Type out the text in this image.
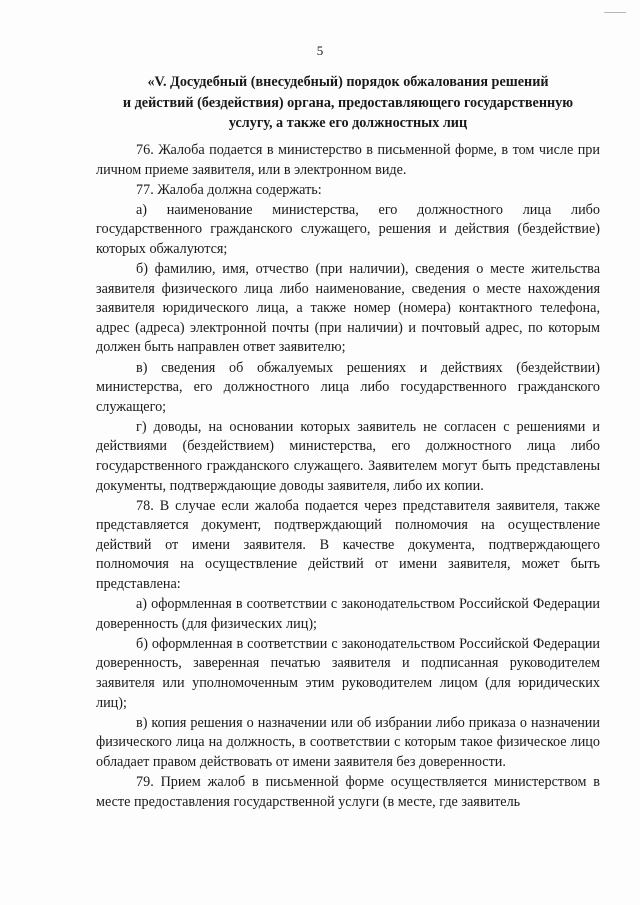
5
«V. Досудебный (внесудебный) порядок обжалования решений
и действий (бездействия) органа, предоставляющего государственную
услугу, а также его должностных лиц

76. Жалоба подается в министерство в письменной форме, в том числе при личном приеме заявителя, или в электронном виде.

77. Жалоба должна содержать:

а) наименование министерства, его должностного лица либо государственного гражданского служащего, решения и действия (бездействие) которых обжалуются;

б) фамилию, имя, отчество (при наличии), сведения о месте жительства заявителя физического лица либо наименование, сведения о месте нахождения заявителя юридического лица, а также номер (номера) контактного телефона, адрес (адреса) электронной почты (при наличии) и почтовый адрес, по которым должен быть направлен ответ заявителю;

в) сведения об обжалуемых решениях и действиях (бездействии) министерства, его должностного лица либо государственного гражданского служащего;

г) доводы, на основании которых заявитель не согласен с решениями и действиями (бездействием) министерства, его должностного лица либо государственного гражданского служащего. Заявителем могут быть представлены документы, подтверждающие доводы заявителя, либо их копии.

78. В случае если жалоба подается через представителя заявителя, также представляется документ, подтверждающий полномочия на осуществление действий от имени заявителя. В качестве документа, подтверждающего полномочия на осуществление действий от имени заявителя, может быть представлена:

а) оформленная в соответствии с законодательством Российской Федерации доверенность (для физических лиц);

б) оформленная в соответствии с законодательством Российской Федерации доверенность, заверенная печатью заявителя и подписанная руководителем заявителя или уполномоченным этим руководителем лицом (для юридических лиц);

в) копия решения о назначении или об избрании либо приказа о назначении физического лица на должность, в соответствии с которым такое физическое лицо обладает правом действовать от имени заявителя без доверенности.

79. Прием жалоб в письменной форме осуществляется министерством в месте предоставления государственной услуги (в месте, где заявитель
